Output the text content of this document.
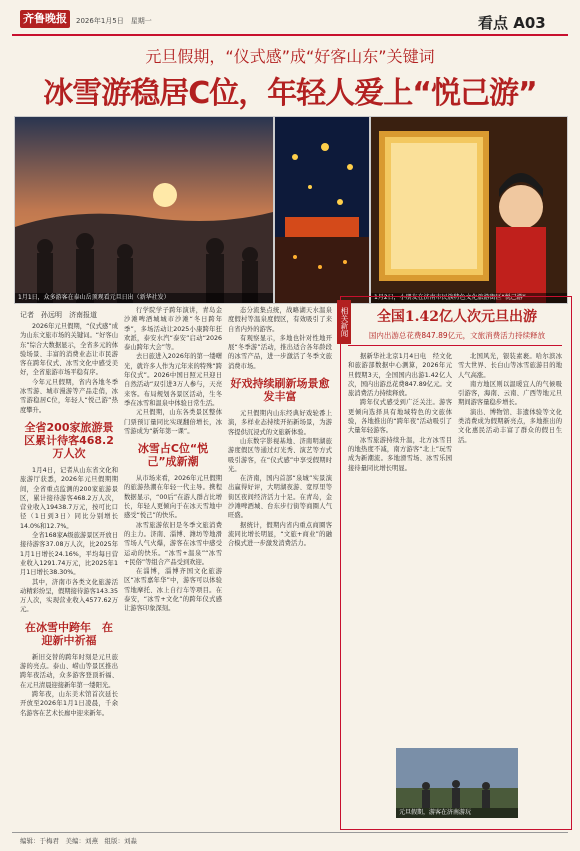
齐鲁晚报	2026年1月5日　星期一	看点 A03
元旦假期，“仪式感”成“好客山东”关键词
冰雪游稳居C位，年轻人爱上“悦己游”
1月1日，众多游客在泰山岳顶观看元旦日出（新华社发）	1月2日，小朋友在济南市民族特色文化旅游街区“悦己游”
记者　孙远明　济南报道

2026年元旦假期，“仪式感”成为山东文旅市场的关键词。“好客山东”综合大数据显示，全省多元的体验场景、丰富的消费业态让市民游客在跨年仪式、冰雪文化中感受美好，全省旅游市场平稳有序。

今年元旦假期，省内各地冬季冰雪游、城市漫游等产品走俏，冰雪游稳居C位，年轻人“悦己游”热度攀升。

全省200家旅游景区累计待客468.2万人次

1月4日，记者从山东省文化和旅游厅获悉，2026年元旦假期期间，全省重点监测的200家旅游景区，累计接待游客468.2万人次，营业收入19438.7万元，按可比口径（1日到3日）同比分别增长14.0%和12.7%。

全省168家A级旅游景区开放日接待游客37.08万人次，比2025年1月1日增长24.16%，平均每日营业收入1291.74万元，比2025年1月1日增长38.30%。

其中，济南市各类文化旅游活动精彩纷呈，假期接待游客143.35万人次，实现营业收入4577.62万元。

在冰雪中跨年　在迎新中祈福

新旧交替的跨年时刻是元旦旅游的亮点。泰山、崂山等景区推出跨年夜活动，众多游客登顶祈福、在元旦清晨迎接新年第一缕阳光。

跨年夜，山东美术馆首次延长开放至2026年1月1日凌晨，千余名游客在艺术长廊中迎来新年。

行学院学子跨年演讲，青岛金沙滩啤酒城城市沙滩“冬日跨年季”，多场活动让2025小康跨年狂欢派，泰安水汽“泰安”启动“2026泰山跨年大会”等。

去日旅进入2026年的第一缕曙光，就许多人作为元年来的特殊“跨年仪式”。2026中国日照元旦迎日自然活动“双引进3万人参与，天亮来客。布局规划各景区活动，生冬季在冰雪和温泉中体验日常生活。

元旦假期，山东各类景区整体门票预订量同比实现翻倍增长，冰雪游成为“新年第一课”。

冰雪占C位“悦己”成新潮

从市场来看，2026年元旦假期的旅游热潮在年轻一代主导。携程数据显示，“00后”在游人群占比增长，年轻人更倾向于在冰天雪地中感受“悦己”的快乐。

冰雪旅游依旧是冬季文旅消费的主力。济南、淄博、潍坊等地滑雪场人气火爆，游客在冰雪中感受运动的快乐。“冰雪+温泉”“冰雪+民俗”等组合产品受到欢迎。

在淄博，淄博齐国文化旅游区“冰雪嘉年华”中，游客可以体验雪地摩托、冰上自行车等项目。在泰安，“冰雪+文化”的跨年仪式感让游客印象深刻。

态分流集点统，战略湖天水温泉度假村等温泉度假区，有效吸引了来自省内外的游客。

有观察显示，多地也针对性地开展“冬季游”活动，推出适合各年龄段的冰雪产品，进一步激活了冬季文旅消费市场。

好戏持续刷新场景愈发丰富

元旦假期内山东经典好戏轮番上演，多样业态持续开拓新场景，为游客提供沉浸式的文旅新体验。

山东数字影视基地、济南明湖旅游度假区等通过灯光秀、演艺等方式吸引游客，在“仪式感”中享受假期时光。

在济南，国内首部“泉城”实景演出赢得好评，大明湖夜游、宽厚里等街区夜间经济活力十足。在青岛，金沙滩啤酒城、台东步行街等商圈人气旺盛。

据统计，假期内省内重点商圈客流同比增长明显，“文旅+商业”的融合模式进一步激发消费活力。

相关新闻	全国1.42亿人次元旦出游
国内出游总花费847.89亿元，文旅消费活力持续释放

据新华社北京1月4日电　经文化和旅游部数据中心测算，2026年元旦假期3天，全国国内出游1.42亿人次，国内出游总花费847.89亿元。文旅消费活力持续释放。

跨年仪式感受到广泛关注。游客更倾向选择具有地域特色的文旅体验，各地推出的“跨年夜”活动吸引了大量年轻游客。

冰雪旅游持续升温，北方冰雪目的地热度不减，南方游客“北上”玩雪成为新潮流。多地滑雪场、冰雪乐园接待量同比增长明显。

北国风光，银装素裹。哈尔滨冰雪大世界、长白山等冰雪旅游目的地人气高涨。

南方地区则以温暖宜人的气候吸引游客，海南、云南、广西等地元旦期间游客量稳步增长。

演出、博物馆、非遗体验等文化类消费成为假期新亮点，多地推出的文化惠民活动丰富了群众的假日生活。

元旦假期，游客在济南游玩
编辑：于梅君　美编：刘燕　组版：刘淼
